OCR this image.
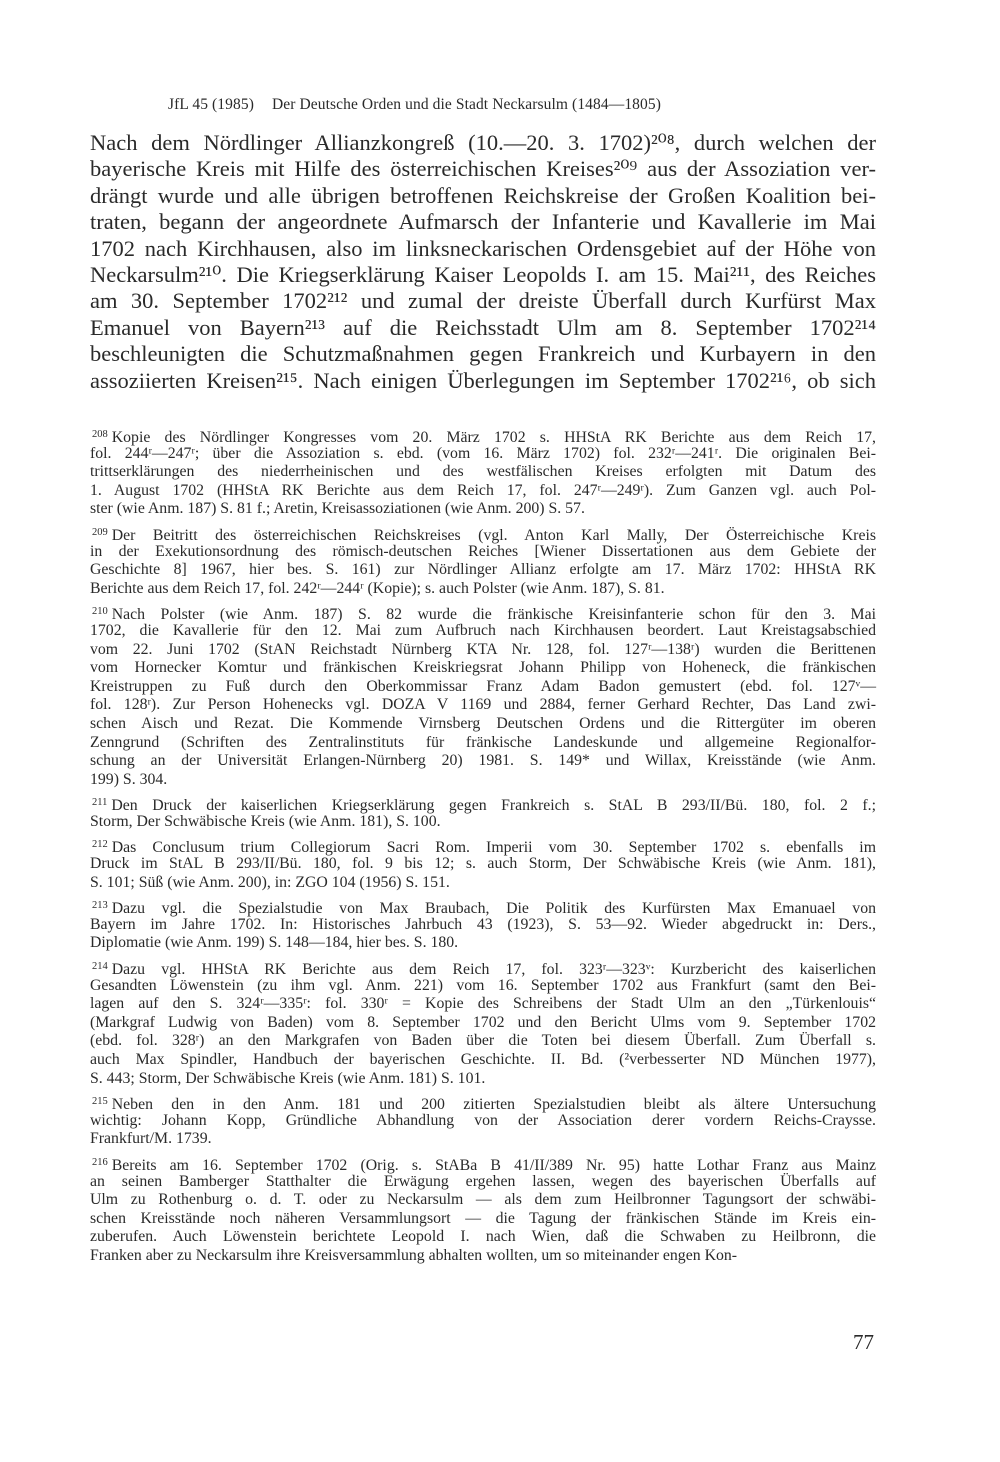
JfL 45 (1985) Der Deutsche Orden und die Stadt Neckarsulm (1484—1805)
Nach dem Nördlinger Allianzkongreß (10.—20. 3. 1702)²⁰⁸, durch welchen der
bayerische Kreis mit Hilfe des österreichischen Kreises²⁰⁹ aus der Assoziation ver-
drängt wurde und alle übrigen betroffenen Reichskreise der Großen Koalition bei-
traten, begann der angeordnete Aufmarsch der Infanterie und Kavallerie im Mai
1702 nach Kirchhausen, also im linksneckarischen Ordensgebiet auf der Höhe von
Neckarsulm²¹⁰. Die Kriegserklärung Kaiser Leopolds I. am 15. Mai²¹¹, des Reiches
am 30. September 1702²¹² und zumal der dreiste Überfall durch Kurfürst Max
Emanuel von Bayern²¹³ auf die Reichsstadt Ulm am 8. September 1702²¹⁴
beschleunigten die Schutzmaßnahmen gegen Frankreich und Kurbayern in den
assoziierten Kreisen²¹⁵. Nach einigen Überlegungen im September 1702²¹⁶, ob sich
$^{208}$ Kopie des Nördlinger Kongresses vom 20. März 1702 s. HHStA RK Berichte aus dem Reich 17,
fol. 244ʳ—247ʳ; über die Assoziation s. ebd. (vom 16. März 1702) fol. 232ʳ—241ʳ. Die originalen Bei-
trittserklärungen des niederrheinischen und des westfälischen Kreises erfolgten mit Datum des
1. August 1702 (HHStA RK Berichte aus dem Reich 17, fol. 247ʳ—249ʳ). Zum Ganzen vgl. auch Pol-
ster (wie Anm. 187) S. 81 f.; Aretin, Kreisassoziationen (wie Anm. 200) S. 57.
$^{209}$ Der Beitritt des österreichischen Reichskreises (vgl. Anton Karl Mally, Der Österreichische Kreis
in der Exekutionsordnung des römisch-deutschen Reiches [Wiener Dissertationen aus dem Gebiete der
Geschichte 8] 1967, hier bes. S. 161) zur Nördlinger Allianz erfolgte am 17. März 1702: HHStA RK
Berichte aus dem Reich 17, fol. 242ʳ—244ʳ (Kopie); s. auch Polster (wie Anm. 187), S. 81.
$^{210}$ Nach Polster (wie Anm. 187) S. 82 wurde die fränkische Kreisinfanterie schon für den 3. Mai
1702, die Kavallerie für den 12. Mai zum Aufbruch nach Kirchhausen beordert. Laut Kreistagsabschied
vom 22. Juni 1702 (StAN Reichstadt Nürnberg KTA Nr. 128, fol. 127ʳ—138ʳ) wurden die Berittenen
vom Hornecker Komtur und fränkischen Kreiskriegsrat Johann Philipp von Hoheneck, die fränkischen
Kreistruppen zu Fuß durch den Oberkommissar Franz Adam Badon gemustert (ebd. fol. 127ᵛ—
fol. 128ʳ). Zur Person Hohenecks vgl. DOZA V 1169 und 2884, ferner Gerhard Rechter, Das Land zwi-
schen Aisch und Rezat. Die Kommende Virnsberg Deutschen Ordens und die Rittergüter im oberen
Zenngrund (Schriften des Zentralinstituts für fränkische Landeskunde und allgemeine Regionalfor-
schung an der Universität Erlangen-Nürnberg 20) 1981. S. 149* und Willax, Kreisstände (wie Anm.
199) S. 304.
$^{211}$ Den Druck der kaiserlichen Kriegserklärung gegen Frankreich s. StAL B 293/II/Bü. 180, fol. 2 f.;
Storm, Der Schwäbische Kreis (wie Anm. 181), S. 100.
$^{212}$ Das Conclusum trium Collegiorum Sacri Rom. Imperii vom 30. September 1702 s. ebenfalls im
Druck im StAL B 293/II/Bü. 180, fol. 9 bis 12; s. auch Storm, Der Schwäbische Kreis (wie Anm. 181),
S. 101; Süß (wie Anm. 200), in: ZGO 104 (1956) S. 151.
$^{213}$ Dazu vgl. die Spezialstudie von Max Braubach, Die Politik des Kurfürsten Max Emanuael von
Bayern im Jahre 1702. In: Historisches Jahrbuch 43 (1923), S. 53—92. Wieder abgedruckt in: Ders.,
Diplomatie (wie Anm. 199) S. 148—184, hier bes. S. 180.
$^{214}$ Dazu vgl. HHStA RK Berichte aus dem Reich 17, fol. 323ʳ—323ᵛ: Kurzbericht des kaiserlichen
Gesandten Löwenstein (zu ihm vgl. Anm. 221) vom 16. September 1702 aus Frankfurt (samt den Bei-
lagen auf den S. 324ʳ—335ʳ: fol. 330ʳ = Kopie des Schreibens der Stadt Ulm an den „Türkenlouis“
(Markgraf Ludwig von Baden) vom 8. September 1702 und den Bericht Ulms vom 9. September 1702
(ebd. fol. 328ʳ) an den Markgrafen von Baden über die Toten bei diesem Überfall. Zum Überfall s.
auch Max Spindler, Handbuch der bayerischen Geschichte. II. Bd. (²verbesserter ND München 1977),
S. 443; Storm, Der Schwäbische Kreis (wie Anm. 181) S. 101.
$^{215}$ Neben den in den Anm. 181 und 200 zitierten Spezialstudien bleibt als ältere Untersuchung
wichtig: Johann Kopp, Gründliche Abhandlung von der Association derer vordern Reichs-Craysse.
Frankfurt/M. 1739.
$^{216}$ Bereits am 16. September 1702 (Orig. s. StABa B 41/II/389 Nr. 95) hatte Lothar Franz aus Mainz
an seinen Bamberger Statthalter die Erwägung ergehen lassen, wegen des bayerischen Überfalls auf
Ulm zu Rothenburg o. d. T. oder zu Neckarsulm — als dem zum Heilbronner Tagungsort der schwäbi-
schen Kreisstände noch näheren Versammlungsort — die Tagung der fränkischen Stände im Kreis ein-
zuberufen. Auch Löwenstein berichtete Leopold I. nach Wien, daß die Schwaben zu Heilbronn, die
Franken aber zu Neckarsulm ihre Kreisversammlung abhalten wollten, um so miteinander engen Kon-
77
